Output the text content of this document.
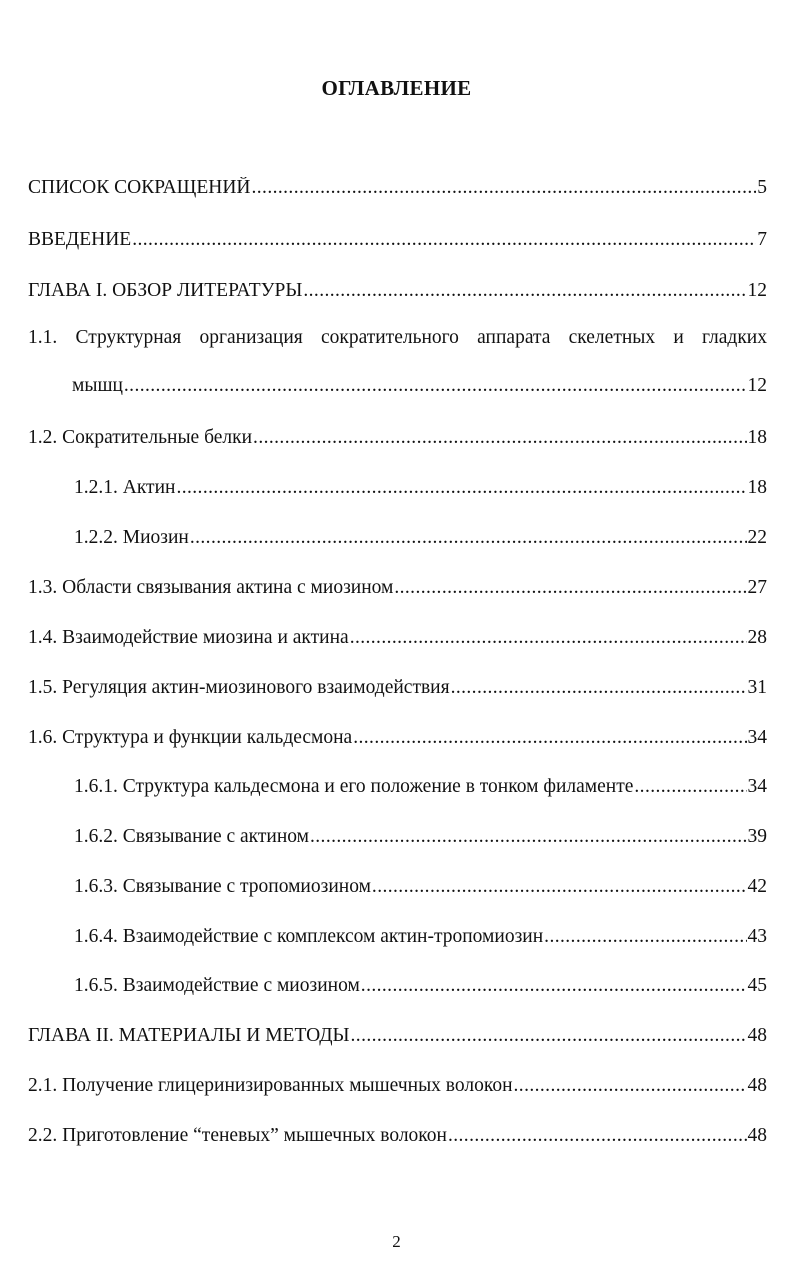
ОГЛАВЛЕНИЕ
СПИСОК СОКРАЩЕНИЙ .....	5
ВВЕДЕНИЕ .....	7
ГЛАВА I. ОБЗОР ЛИТЕРАТУРЫ .....	12
1.1. Структурная организация сократительного аппарата скелетных и гладких
мышц .....	12
1.2. Сократительные белки .....	18
1.2.1. Актин .....	18
1.2.2. Миозин .....	22
1.3. Области связывания актина с миозином .....	27
1.4. Взаимодействие миозина и актина .....	28
1.5. Регуляция актин-миозинового взаимодействия .....	31
1.6. Структура и функции кальдесмона .....	34
1.6.1. Структура кальдесмона и его положение в тонком филаменте .....	34
1.6.2. Связывание с актином .....	39
1.6.3. Связывание с тропомиозином .....	42
1.6.4. Взаимодействие с комплексом актин-тропомиозин .....	43
1.6.5. Взаимодействие с миозином .....	45
ГЛАВА II. МАТЕРИАЛЫ И МЕТОДЫ .....	48
2.1. Получение глицеринизированных мышечных волокон .....	48
2.2. Приготовление “теневых” мышечных волокон .....	48
2
